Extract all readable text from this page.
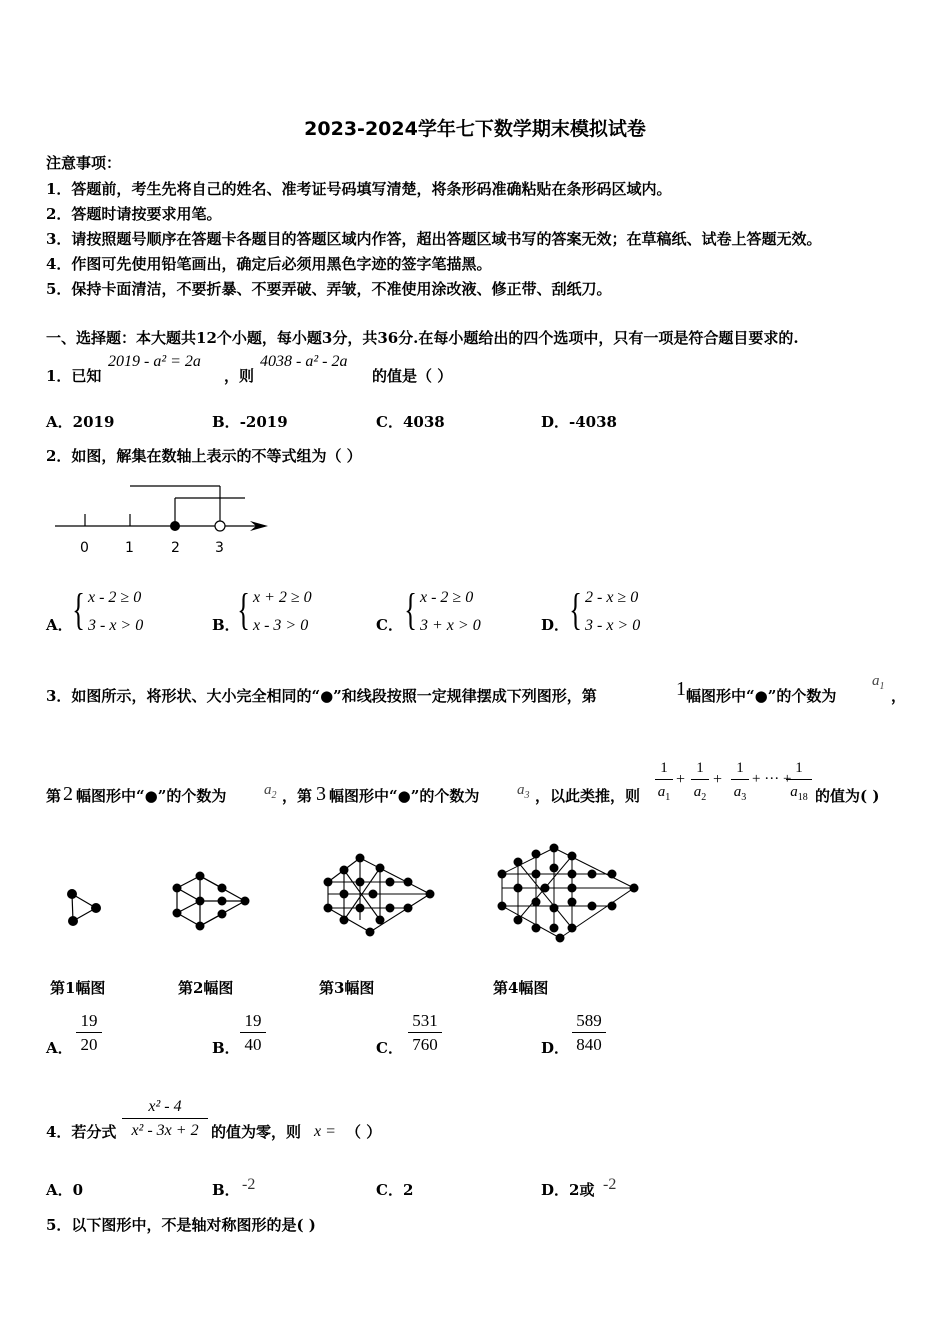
2023-2024学年七下数学期末模拟试卷
注意事项：
1．答题前，考生先将自己的姓名、准考证号码填写清楚，将条形码准确粘贴在条形码区域内。
2．答题时请按要求用笔。
3．请按照题号顺序在答题卡各题目的答题区域内作答，超出答题区域书写的答案无效；在草稿纸、试卷上答题无效。
4．作图可先使用铅笔画出，确定后必须用黑色字迹的签字笔描黑。
5．保持卡面清洁，不要折暴、不要弄破、弄皱，不准使用涂改液、修正带、刮纸刀。
一、选择题：本大题共12个小题，每小题3分，共36分.在每小题给出的四个选项中，只有一项是符合题目要求的.
1．已知
2019 - a² = 2a
，则
4038 - a² - 2a
的值是（ ）
A．2019	B．-2019	C．4038	D．-4038
2．如图，解集在数轴上表示的不等式组为（ ）
0	1	2	3
A． { x - 2 ≥ 0
3 - x > 0	B．
{ x + 2 ≥ 0
x - 3 > 0	C． { x - 2 ≥ 0
3 + x > 0	D． { 2 - x ≥ 0
3 - x > 0
3．如图所示，将形状、大小完全相同的“●”和线段按照一定规律摆成下列图形，第	1 幅图形中“●”的个数为
$a_1$
，
第 2 幅图形中“●”的个数为	$a_2$ ，第 3 幅图形中“●”的个数为	$a_3$ ，以此类推，则 $\frac{1}{a_1} + \frac{1}{a_2} + \frac{1}{a_3}$ + ··· +
$\frac{1}{a_{18}}$ 的值为( )
第1幅图	第2幅图	第3幅图	第4幅图
A． $\frac{19}{20}$	B． $\frac{19}{40}$	C． $\frac{531}{760}$	D． $\frac{589}{840}$
4．若分式 $\frac{\text{x² - 4}}{\text{x² - 3x + 2}}$ 的值为零，则 x = （ ）
A．0	B． -2	C．2	D．2或 -2
5．以下图形中，不是轴对称图形的是( )
